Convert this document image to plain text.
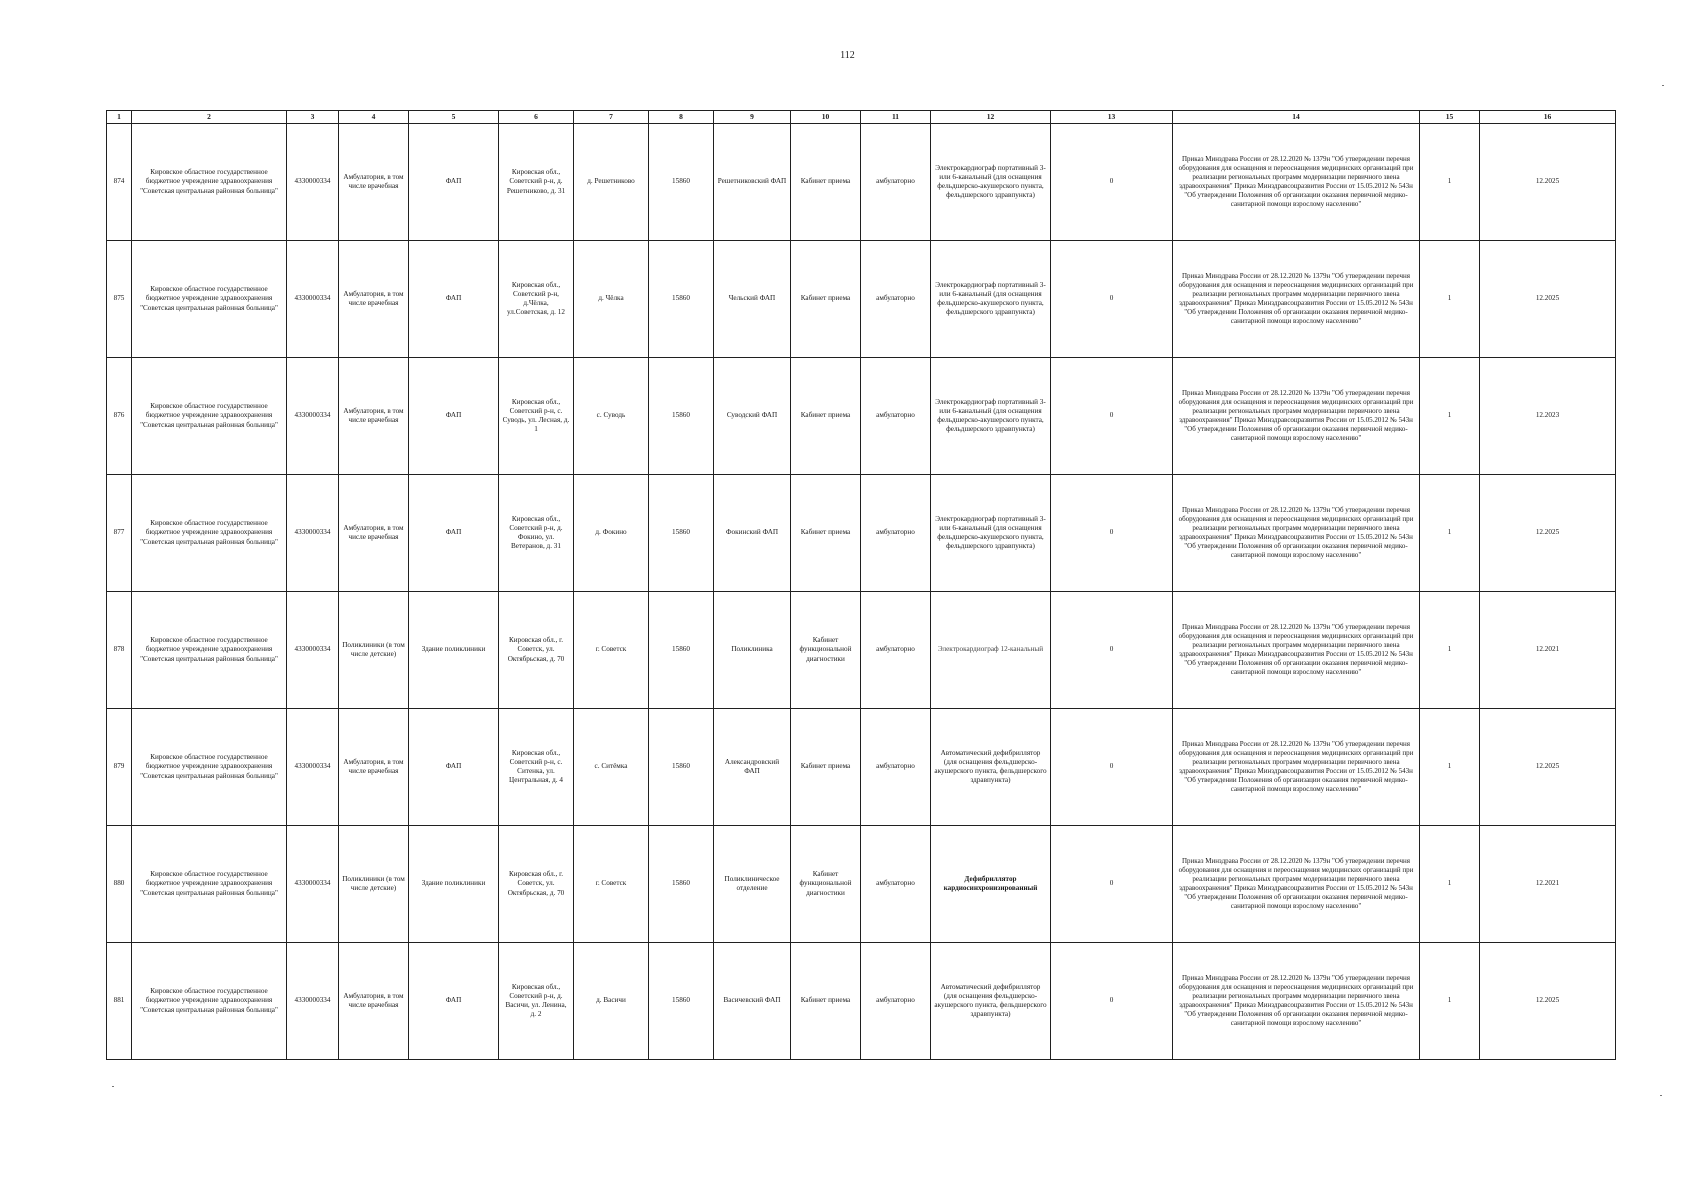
112
1	2	3	4	5	6	7	8	9	10	11	12	13	14	15	16
874	Кировское областное государственное бюджетное учреждение здравоохранения "Советская центральная районная больница"	4330000334	Амбулатория, в том числе врачебная	ФАП	Кировская обл., Советский р-н, д. Решетниково, д. 31	д. Решетниково	15860	Решетниковский ФАП	Кабинет приема	амбулаторно	Электрокардиограф портативный 3- или 6-канальный (для оснащения фельдшерско-акушерского пункта, фельдшерского здравпункта)	0	Приказ Минздрава России от 28.12.2020 № 1379н "Об утверждении перечня оборудования для оснащения и переоснащения медицинских организаций при реализации региональных программ модернизации первичного звена здравоохранения" Приказ Минздравсоцразвития России от 15.05.2012 № 543н "Об утверждении Положения об организации оказания первичной медико-санитарной помощи взрослому населению"	1	12.2025
875	Кировское областное государственное бюджетное учреждение здравоохранения "Советская центральная районная больница"	4330000334	Амбулатория, в том числе врачебная	ФАП	Кировская обл., Советский р-н, д.Чёлка, ул.Советская, д. 12	д. Чёлка	15860	Чельский ФАП	Кабинет приема	амбулаторно	Электрокардиограф портативный 3- или 6-канальный (для оснащения фельдшерско-акушерского пункта, фельдшерского здравпункта)	0	Приказ Минздрава России от 28.12.2020 № 1379н "Об утверждении перечня оборудования для оснащения и переоснащения медицинских организаций при реализации региональных программ модернизации первичного звена здравоохранения" Приказ Минздравсоцразвития России от 15.05.2012 № 543н "Об утверждении Положения об организации оказания первичной медико-санитарной помощи взрослому населению"	1	12.2025
876	Кировское областное государственное бюджетное учреждение здравоохранения "Советская центральная районная больница"	4330000334	Амбулатория, в том числе врачебная	ФАП	Кировская обл., Советский р-н, с. Суводь, ул. Лесная, д. 1	с. Суводь	15860	Суводский ФАП	Кабинет приема	амбулаторно	Электрокардиограф портативный 3- или 6-канальный (для оснащения фельдшерско-акушерского пункта, фельдшерского здравпункта)	0	Приказ Минздрава России от 28.12.2020 № 1379н "Об утверждении перечня оборудования для оснащения и переоснащения медицинских организаций при реализации региональных программ модернизации первичного звена здравоохранения" Приказ Минздравсоцразвития России от 15.05.2012 № 543н "Об утверждении Положения об организации оказания первичной медико-санитарной помощи взрослому населению"	1	12.2023
877	Кировское областное государственное бюджетное учреждение здравоохранения "Советская центральная районная больница"	4330000334	Амбулатория, в том числе врачебная	ФАП	Кировская обл., Советский р-н, д. Фокино, ул. Ветеранов, д. 31	д. Фокино	15860	Фокинский ФАП	Кабинет приема	амбулаторно	Электрокардиограф портативный 3- или 6-канальный (для оснащения фельдшерско-акушерского пункта, фельдшерского здравпункта)	0	Приказ Минздрава России от 28.12.2020 № 1379н "Об утверждении перечня оборудования для оснащения и переоснащения медицинских организаций при реализации региональных программ модернизации первичного звена здравоохранения" Приказ Минздравсоцразвития России от 15.05.2012 № 543н "Об утверждении Положения об организации оказания первичной медико-санитарной помощи взрослому населению"	1	12.2025
878	Кировское областное государственное бюджетное учреждение здравоохранения "Советская центральная районная больница"	4330000334	Поликлиники (в том числе детские)	Здание поликлиники	Кировская обл., г. Советск, ул. Октябрьская, д. 70	г. Советск	15860	Поликлиника	Кабинет функциональной диагностики	амбулаторно	Электрокардиограф 12-канальный	0	Приказ Минздрава России от 28.12.2020 № 1379н "Об утверждении перечня оборудования для оснащения и переоснащения медицинских организаций при реализации региональных программ модернизации первичного звена здравоохранения" Приказ Минздравсоцразвития России от 15.05.2012 № 543н "Об утверждении Положения об организации оказания первичной медико-санитарной помощи взрослому населению"	1	12.2021
879	Кировское областное государственное бюджетное учреждение здравоохранения "Советская центральная районная больница"	4330000334	Амбулатория, в том числе врачебная	ФАП	Кировская обл., Советский р-н, с. Ситенка, ул. Центральная, д. 4	с. Ситёмка	15860	Александровский ФАП	Кабинет приема	амбулаторно	Автоматический дефибриллятор (для оснащения фельдшерско-акушерского пункта, фельдшерского здравпункта)	0	Приказ Минздрава России от 28.12.2020 № 1379н "Об утверждении перечня оборудования для оснащения и переоснащения медицинских организаций при реализации региональных программ модернизации первичного звена здравоохранения" Приказ Минздравсоцразвития России от 15.05.2012 № 543н "Об утверждении Положения об организации оказания первичной медико-санитарной помощи взрослому населению"	1	12.2025
880	Кировское областное государственное бюджетное учреждение здравоохранения "Советская центральная районная больница"	4330000334	Поликлиники (в том числе детские)	Здание поликлиники	Кировская обл., г. Советск, ул. Октябрьская, д. 70	г. Советск	15860	Поликлиническое отделение	Кабинет функциональной диагностики	амбулаторно	Дефибриллятор кардиосинхронизированный	0	Приказ Минздрава России от 28.12.2020 № 1379н "Об утверждении перечня оборудования для оснащения и переоснащения медицинских организаций при реализации региональных программ модернизации первичного звена здравоохранения" Приказ Минздравсоцразвития России от 15.05.2012 № 543н "Об утверждении Положения об организации оказания первичной медико-санитарной помощи взрослому населению"	1	12.2021
881	Кировское областное государственное бюджетное учреждение здравоохранения "Советская центральная районная больница"	4330000334	Амбулатория, в том числе врачебная	ФАП	Кировская обл., Советский р-н, д. Васичи, ул. Ленина, д. 2	д. Васичи	15860	Васичевский ФАП	Кабинет приема	амбулаторно	Автоматический дефибриллятор (для оснащения фельдшерско-акушерского пункта, фельдшерского здравпункта)	0	Приказ Минздрава России от 28.12.2020 № 1379н "Об утверждении перечня оборудования для оснащения и переоснащения медицинских организаций при реализации региональных программ модернизации первичного звена здравоохранения" Приказ Минздравсоцразвития России от 15.05.2012 № 543н "Об утверждении Положения об организации оказания первичной медико-санитарной помощи взрослому населению"	1	12.2025
